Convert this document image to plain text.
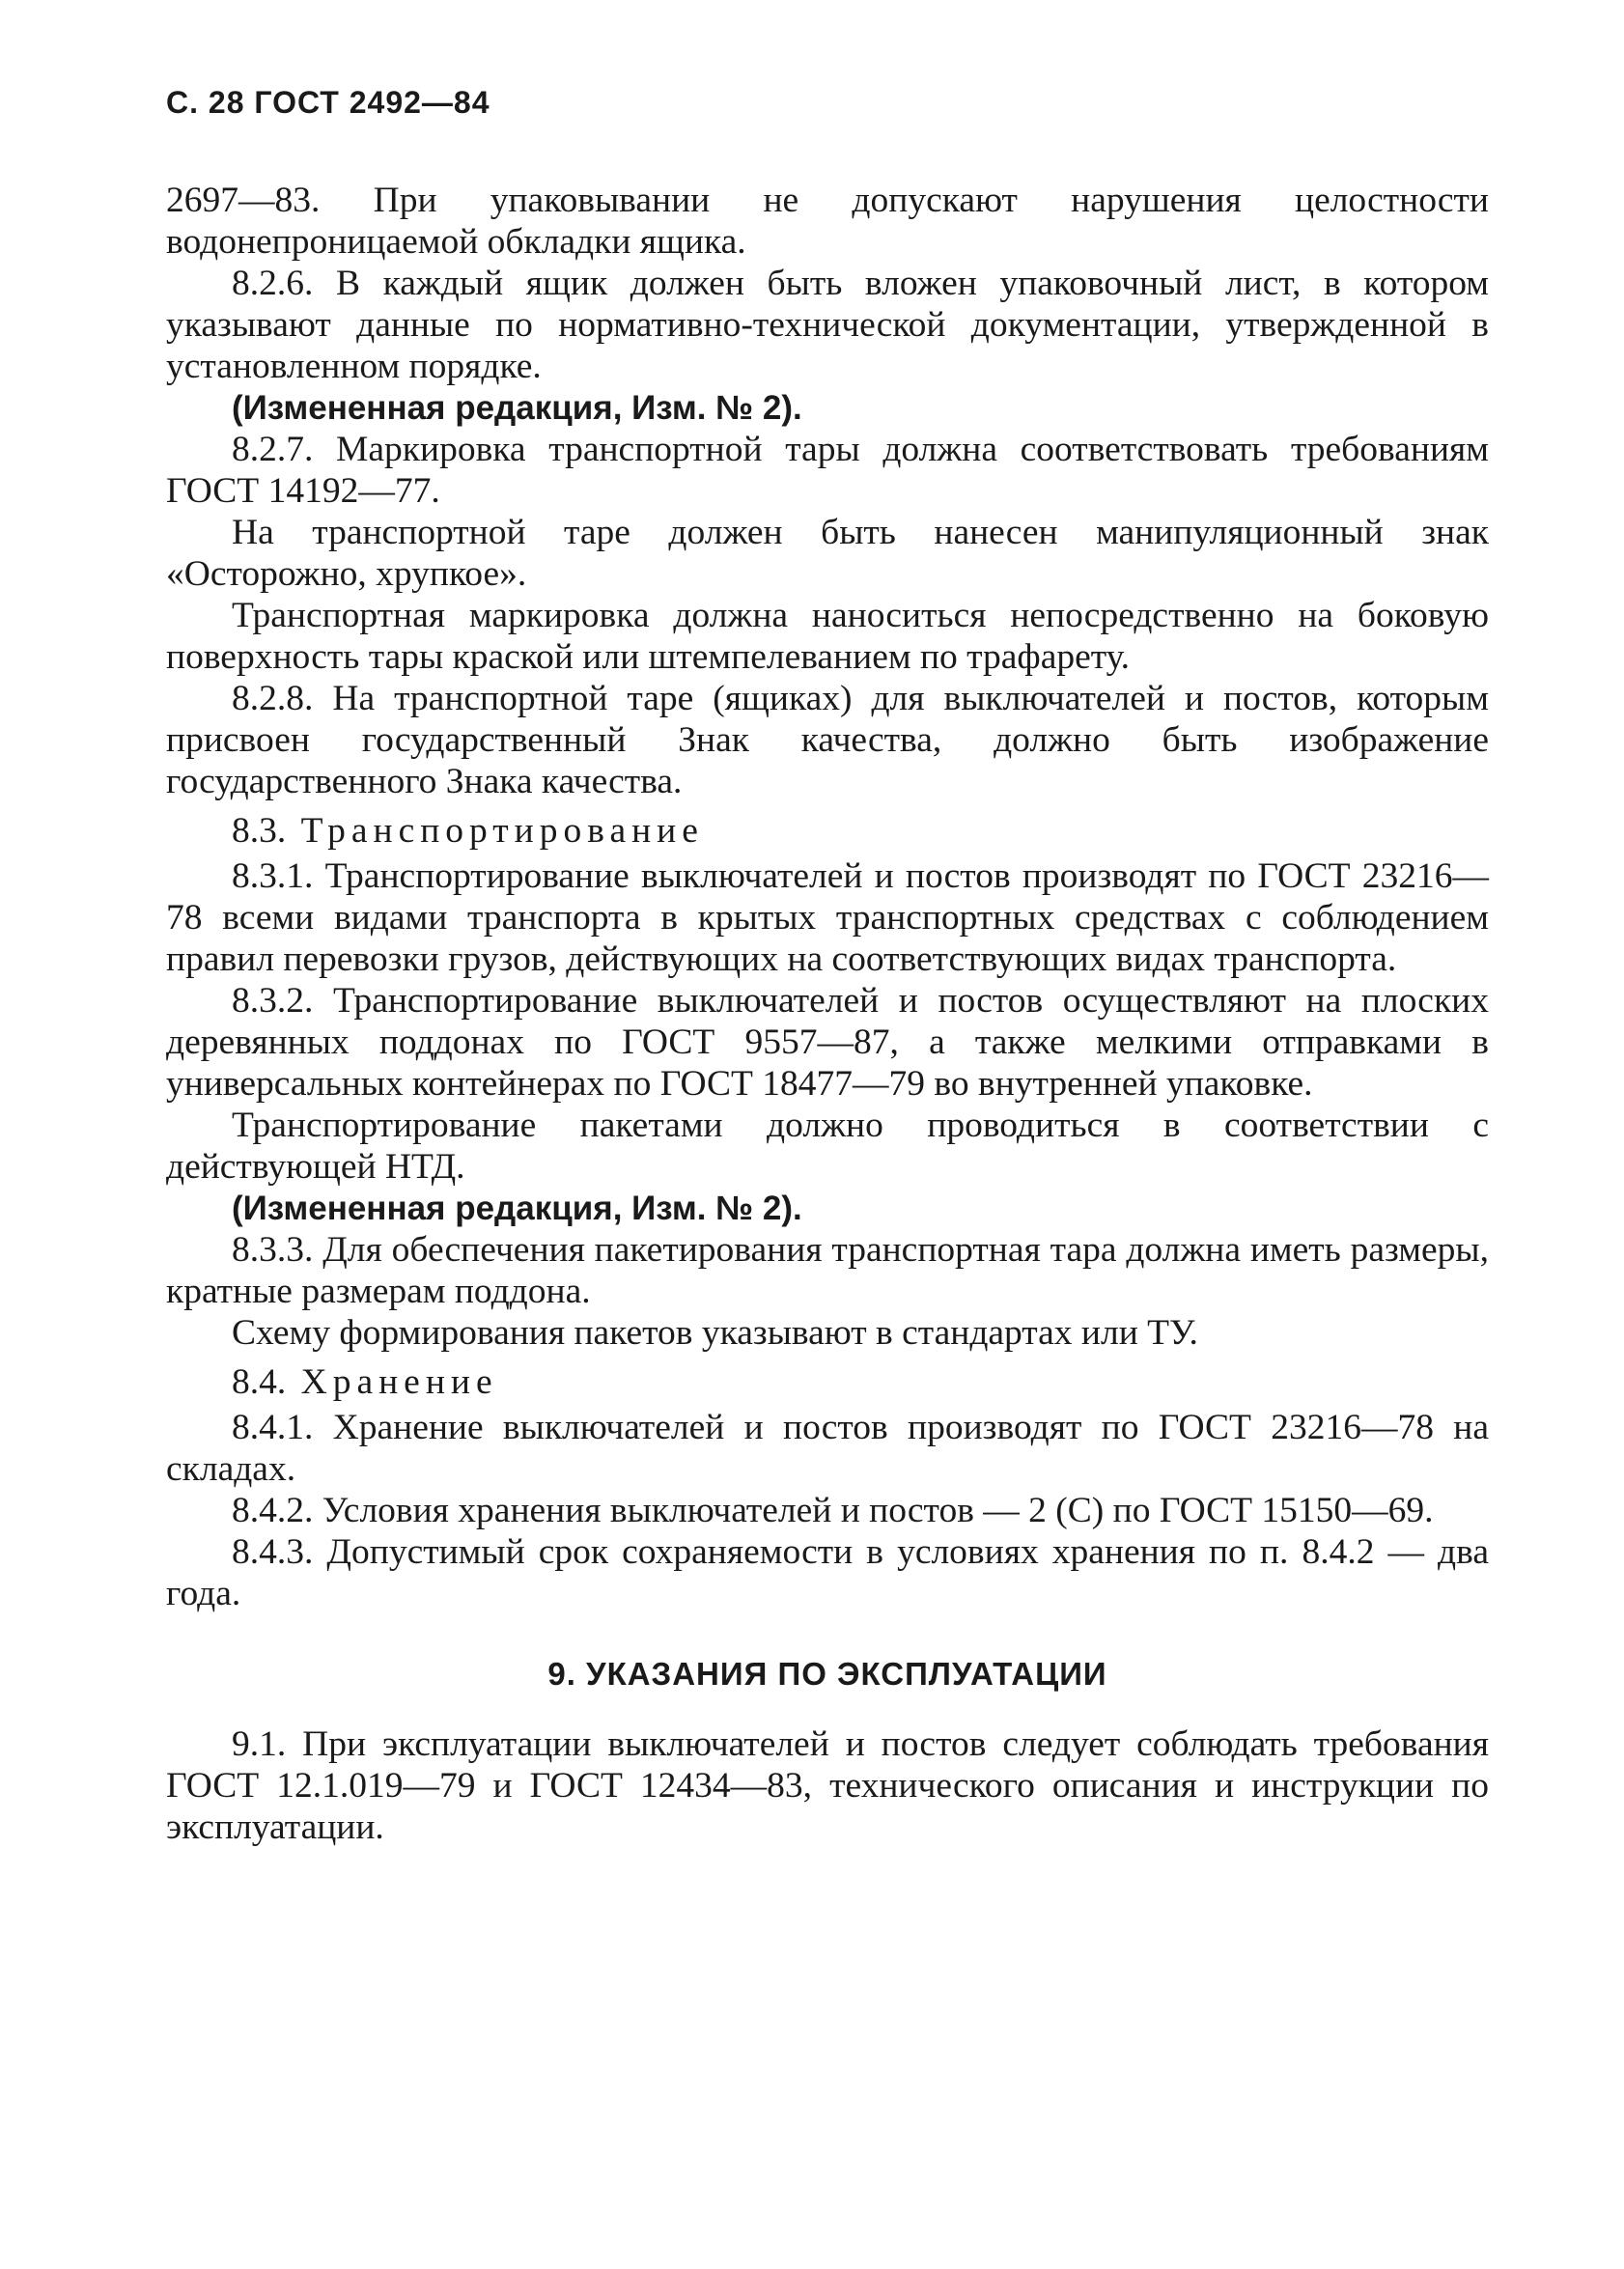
С. 28 ГОСТ 2492—84

2697—83. При упаковывании не допускают нарушения целостности водонепроницаемой обкладки ящика.

8.2.6. В каждый ящик должен быть вложен упаковочный лист, в котором указывают данные по нормативно-технической документации, утвержденной в установленном порядке.

(Измененная редакция, Изм. № 2).

8.2.7. Маркировка транспортной тары должна соответствовать требованиям ГОСТ 14192—77.

На транспортной таре должен быть нанесен манипуляционный знак «Осторожно, хрупкое».

Транспортная маркировка должна наноситься непосредственно на боковую поверхность тары краской или штемпелеванием по трафарету.

8.2.8. На транспортной таре (ящиках) для выключателей и постов, которым присвоен государственный Знак качества, должно быть изображение государственного Знака качества.

8.3. Транспортирование

8.3.1. Транспортирование выключателей и постов производят по ГОСТ 23216—78 всеми видами транспорта в крытых транспортных средствах с соблюдением правил перевозки грузов, действующих на соответствующих видах транспорта.

8.3.2. Транспортирование выключателей и постов осуществляют на плоских деревянных поддонах по ГОСТ 9557—87, а также мелкими отправками в универсальных контейнерах по ГОСТ 18477—79 во внутренней упаковке.

Транспортирование пакетами должно проводиться в соответствии с действующей НТД.

(Измененная редакция, Изм. № 2).

8.3.3. Для обеспечения пакетирования транспортная тара должна иметь размеры, кратные размерам поддона.

Схему формирования пакетов указывают в стандартах или ТУ.

8.4. Хранение

8.4.1. Хранение выключателей и постов производят по ГОСТ 23216—78 на складах.

8.4.2. Условия хранения выключателей и постов — 2 (С) по ГОСТ 15150—69.

8.4.3. Допустимый срок сохраняемости в условиях хранения по п. 8.4.2 — два года.

9. УКАЗАНИЯ ПО ЭКСПЛУАТАЦИИ

9.1. При эксплуатации выключателей и постов следует соблюдать требования ГОСТ 12.1.019—79 и ГОСТ 12434—83, технического описания и инструкции по эксплуатации.
